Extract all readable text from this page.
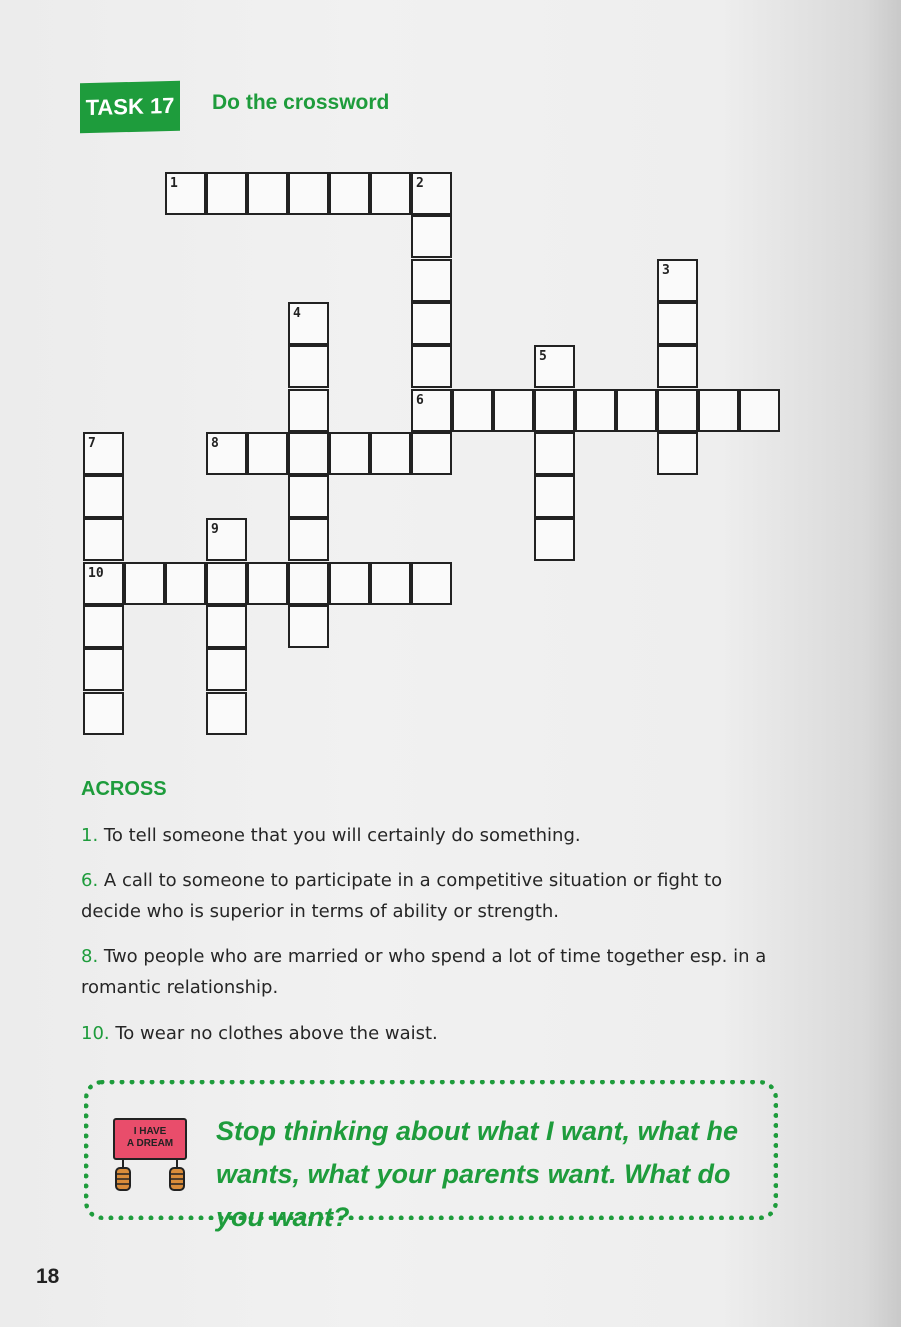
TASK 17 Do the crossword
1	2
6
3
4
5
7
10
8
9
ACROSS
1. To tell someone that you will certainly do something.
6. A call to someone to participate in a competitive situation or fight to decide who is superior in terms of ability or strength.
8. Two people who are married or who spend a lot of time together esp. in a romantic relationship.
10. To wear no clothes above the waist.
I HAVE
A DREAM	Stop thinking about what I want, what he wants, what your parents want. What do you want?
18
